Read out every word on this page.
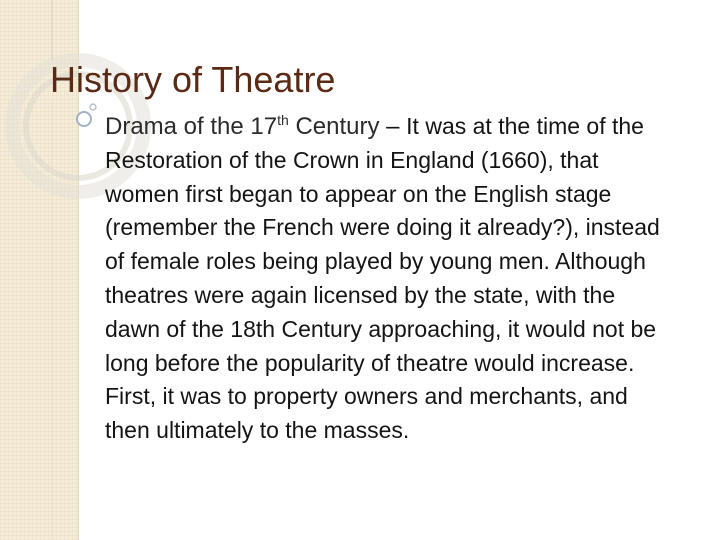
History of Theatre

Drama of the 17th Century – It was at the time of the Restoration of the Crown in England (1660), that women first began to appear on the English stage (remember the French were doing it already?), instead of female roles being played by young men. Although theatres were again licensed by the state, with the dawn of the 18th Century approaching, it would not be long before the popularity of theatre would increase. First, it was to property owners and merchants, and then ultimately to the masses.
